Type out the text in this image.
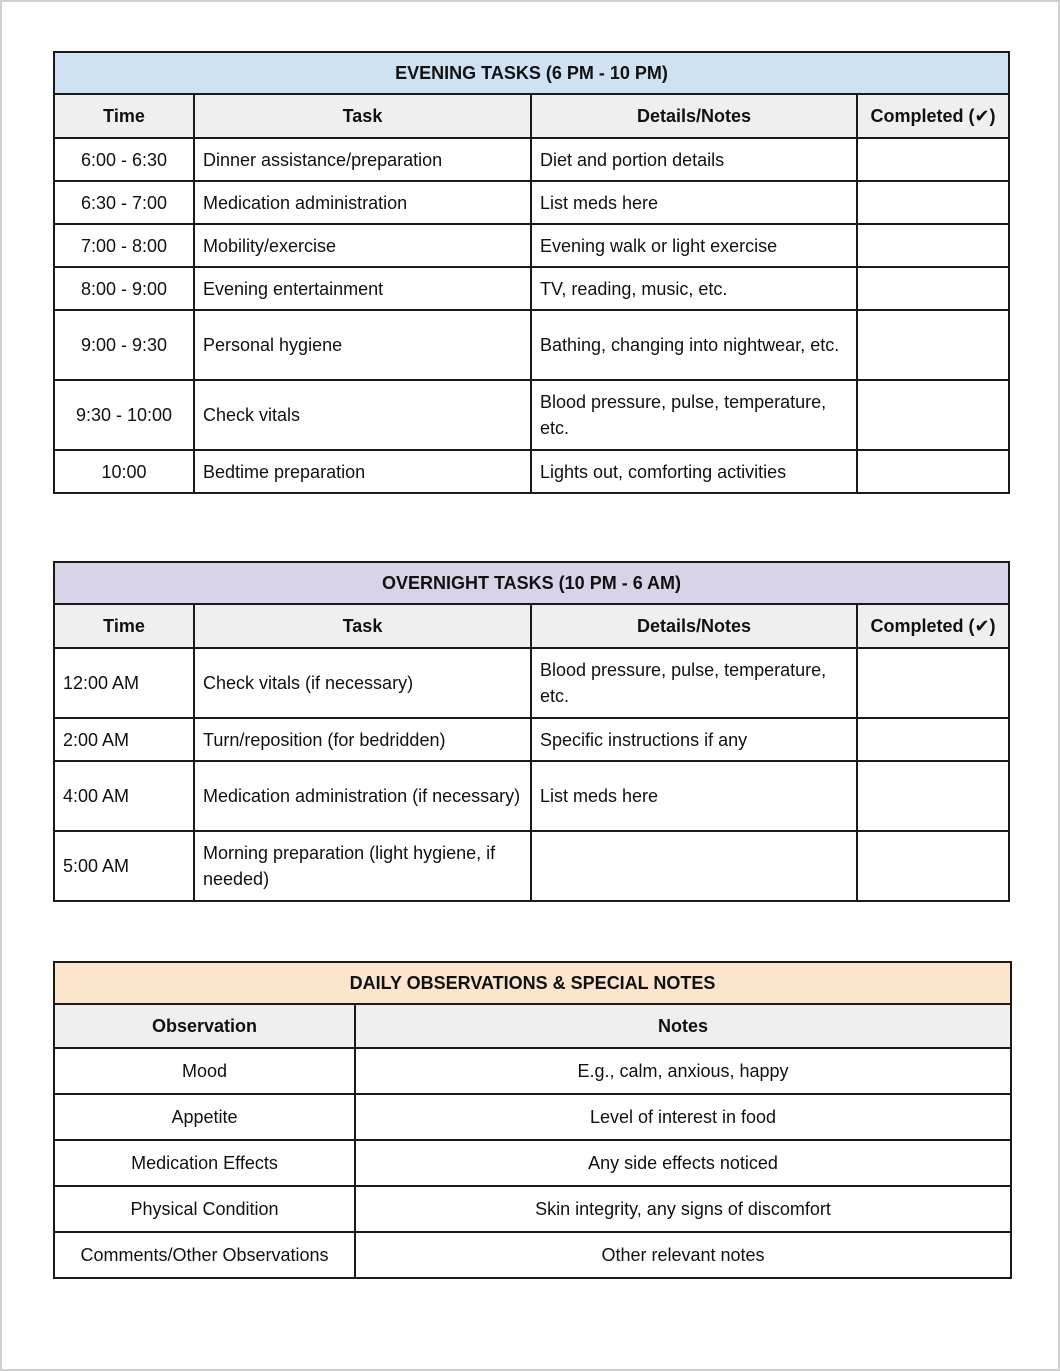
EVENING TASKS (6 PM - 10 PM)			
Time	Task	Details/Notes	Completed (✔)
6:00 - 6:30	Dinner assistance/preparation	Diet and portion details	
6:30 - 7:00	Medication administration	List meds here	
7:00 - 8:00	Mobility/exercise	Evening walk or light exercise	
8:00 - 9:00	Evening entertainment	TV, reading, music, etc.	
9:00 - 9:30	Personal hygiene	Bathing, changing into nightwear, etc.	
9:30 - 10:00	Check vitals	Blood pressure, pulse, temperature, etc.	
10:00	Bedtime preparation	Lights out, comforting activities	
OVERNIGHT TASKS (10 PM - 6 AM)			
Time	Task	Details/Notes	Completed (✔)
12:00 AM	Check vitals (if necessary)	Blood pressure, pulse, temperature, etc.	
2:00 AM	Turn/reposition (for bedridden)	Specific instructions if any	
4:00 AM	Medication administration (if necessary)	List meds here	
5:00 AM	Morning preparation (light hygiene, if needed)		
DAILY OBSERVATIONS & SPECIAL NOTES	
Observation	Notes
Mood	E.g., calm, anxious, happy
Appetite	Level of interest in food
Medication Effects	Any side effects noticed
Physical Condition	Skin integrity, any signs of discomfort
Comments/Other Observations	Other relevant notes
